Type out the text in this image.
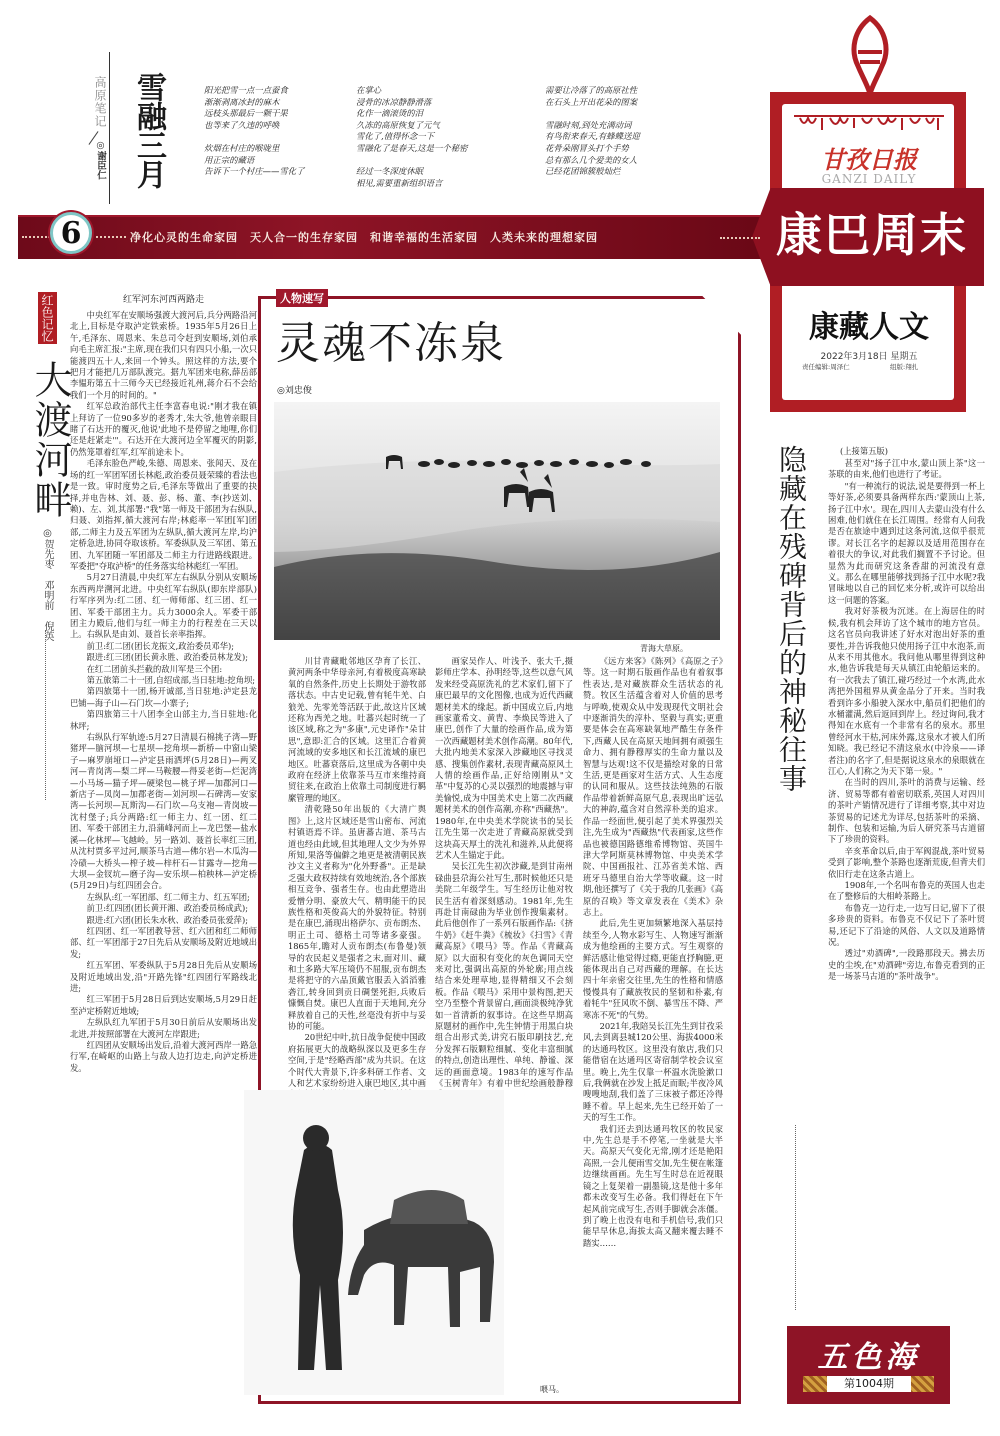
高原笔记
◎谢臣仁 雪融三月	阳光把雪一点一点蚕食
渐渐剥离冰封的麻木
远枝头那最后一颗干果
也等来了久违的呼唤
炊烟在村庄的喉咙里
用正宗的藏语
告诉下一个村庄——雪化了
在掌心
浸骨的冰凉静静滑落
化作一滴滚烫的泪
久冻的高原恢复了元气
雪化了,值得怀念一下
雪融化了是春天,这是一个秘密
经过一冬深度休眠
相见,需要重新组织语言
需要让冷落了的高原社性
在石头上开出花朵的图案
雪融时刻,到处充满动词
有鸟衔来春天,有蜂蝶送迎
花骨朵刚冒头打个手势
总有那么几个爱美的女人
已经花团锦簇般灿烂	甘孜日报
GANZI DAILY
康藏人文
2022年3月18日 星期五
责任编辑:周泽仁	组版:翔扎
6	净化心灵的生命家园　天人合一的生存家园　和谐幸福的生活家园　人类未来的理想家园	康巴周末
红色记忆
大渡河畔
◎贺先枣 邓明前 倪英
红军河东河西两路走

中央红军在安顺场强渡大渡河后,兵分两路沿河北上,目标是夺取泸定铁索桥。1935年5月26日上午,毛泽东、周恩来、朱总司令赶到安顺场,刘伯承向毛主席汇报:"主席,现在我们只有四只小船,一次只能渡四五十人,来回一个钟头。照这样的方法,要个把月才能把几万部队渡完。据九军团来电称,薛岳部李韫珩第五十三师今天已经接近礼州,蒋介石不会给我们一个月的时间的。"

红军总政治部代主任李富春电说:"刚才我在镇上拜访了一位90多岁的老秀才,朱大爷,他曾亲眼目睹了石达开的覆灭,他说'此地不是停留之地哩,你们还是赶紧走'"。石达开在大渡河边全军覆灭的阴影,仍然笼罩着红军,红军前途未卜。

毛泽东脸色严峻,朱德、周恩来、张闻天、及在场的红一军团军团长林彪,政治委员聂荣臻的看法也是一致。审时度势之后,毛泽东等做出了重要的抉择,并电告林、刘、聂、彭、杨、董、李(抄送刘、赖)、左、刘,其部署:"我"第一师及干部团为右纵队,归聂、刘指挥,循大渡河右岸;林彪率一军团[军]团部,二师主力及五军团为左纵队,循大渡河左岸,均沪定桥急进,协同夺取该桥。军委纵队及三军团、第五团、九军团随一军团部及二师主力行进路线跟进。军委把"夺取泸桥"的任务落实给林彪红一军团。

5月27日清晨,中央红军左右纵队分别从安顺场东西两岸溯河北进。中央红军右纵队(即东岸部队)行军序列为:红二团、红一师师部、红三团、红一团、军委干部团主力。兵力3000余人。军委干部团主力殿后,他们与红一师主力的行程差在三天以上。右纵队是由刘、聂首长亲率指挥。

前卫:红二团(团长龙振文,政治委员邓华);

跟进:红三团(团长黄永胜、政治委员林龙发);

在红二团前头拦截的敌川军是三个团:

第五旅第二十一团,自绍成部,当日驻地:挖角坝;

第四旅第十一团,杨开诚部,当日驻地:泸定县龙巴铺—海子山—石门坎—小寨子;

第四旅第三十八团李全山部主力,当日驻地:化林坪;

右纵队行军轨迹:5月27日清晨石棉挑子湾—野猪坪—脑河坝—七星坝—挖角坝—新桥—中窗山梁子—麻罗崩垭口—泸定县雨洒坪(5月28日)—两叉河—青岗湾—梨二坪—马鞍腰—得妥老街—烂泥湾—小马场—猫子坪—硬梁包—桃子坪—加郡河口—新店子—凤岗—加郡老街—刘河坝—石碑湾—安家湾—长河坝—瓦斯沟—石门坎—乌支袍—青岗坡—沈村堡子;兵分两路:红一师主力、红一团、红二团、军委干部团主力,沿蒲峰河而上—龙巴堡—盐水溪—化林坪—飞越岭。另一路刘、聂首长率红三团,从沈村贾多平过河,顺茶马古道—佛尔岩—木瓜沟—冷碛—大桥头—榨子坡—梓杆石—甘露寺—挖角—大坝—金钗坑—磨子沟—安乐坝—柏秧林—泸定桥(5月29日)与红四团会合。

左纵队:红一军团部、红二师主力、红五军团;

前卫:红四团(团长黄开湘、政治委员杨成武);

跟进:红六团(团长朱水秋、政治委员张爱萍);

红四团、红一军团教导营、红六团和红二师师部、红一军团部于27日先后从安顺场及附近地域出发;

红五军团、军委纵队于5月28日先后从安顺场及附近地域出发,沿"开路先锋"红四团行军路线北进;

红三军团于5月28日后到达安顺场,5月29日赶至泸定桥附近地域;

左纵队红九军团于5月30日前后从安顺场出发北进,并按照部署在大渡河左岸跟进;

红四团从安顺场出发后,沿着大渡河西岸一路急行军,在崎岖的山路上与敌人边打边走,向泸定桥进发。

人物速写
灵魂不冻泉
◎刘忠俊
青海大草原。

川甘青藏毗邻地区孕育了长江、黄河两条中华母亲河,有着极度高寒缺氧的自然条件,历史上长期处于游牧部落状态。中古史记载,曾有牦牛羌、白狼羌、先零羌等活跃于此,故这片区域还称为西羌之地。吐蕃兴起时统一了该区域,称之为"多康",元史译作"朵甘思",意即:汇合的区域。这里汇合着黄河流域的安多地区和长江流域的康巴地区。吐蕃衰落后,这里成为各朝中央政府在经济上依靠茶马互市来维持商贸往来,在政治上依靠土司制度进行羁縻管理的地区。

清乾隆50年出版的《大清广舆图》上,这片区域还是雪山密布、河流村镇语焉不详。虽唐蕃古道、茶马古道也经由此域,但其地理人文少为外界所知,果洛等偏僻之地更是被清朝民族沙文主义者称为"化外野番"。正是缺乏强大政权持续有效地统治,各个部族相互竞争、强者生存。也由此塑造出爱憎分明、豪放大气、精明能干的民族性格和英俊高大的外貌特征。特别是在康巴,涌现出格萨尔、贡布朗杰、明正土司、德格土司等诸多豪强。1865年,瞻对人贡布朗杰(布鲁曼)领导的农民起义是强者之末,面对川、藏和土多路大军压境仍不屈服,贡布朗杰是将把守的六品顶戴官服丢入滔滔雅砻江,转身回到贡日碉堡死拒,兵败后慷慨自焚。康巴人直面于天地间,充分释放着自己的天性,丝毫没有折中与妥协的可能。

20世纪中叶,抗日战争促使中国政府拓展更大的战略纵深以及更多生存空间,于是"经略西部"成为共识。在这个时代大背景下,许多科研工作者、文人和艺术家纷纷进入康巴地区,其中画

画家吴作人、叶浅予、张大千,摄影师庄学本、孙明经等,这些以意气风发来经受高原洗礼的艺术家们,留下了康巴最早的文化图像,也成为近代西藏题材美术的缘起。新中国成立后,内地画家董希文、黄胄、李焕民等进入了康巴,创作了大量的绘画作品,成为第一次西藏题材美术创作高潮。80年代,大批内地美术家深入涉藏地区寻找灵感、搜集创作素材,表现青藏高原风土人情的绘画作品,正好给刚刚从"文革"中复苏的心灵以强烈的地震撼与审美愉悦,成为中国美术史上第二次西藏题材美术的创作高潮,亦称"西藏热"。1980年,在中央美术学院读书的吴长江先生第一次走进了青藏高原就受到这块高天厚土的洗礼和滋养,从此便将艺术人生锚定于此。

吴长江先生初次涉藏,是到甘南州碌曲县尕海公社写生,那时候他还只是美院二年级学生。写生经历让他对牧民生活有着深刻感动。1981年,先生再赴甘南碌曲为毕业创作搜集素材。此后他创作了一系列石版画作品:《挤牛奶》《赶牛粪》《梳妆》《扫雪》《青藏高原》《喂马》等。作品《青藏高原》以大面积有变化的灰色调同天空来对比,强调出高原的外轮廓;用点线结合来处理草地,显得精细又不会刻板。作品《喂马》采用中景构图,把天空乃至整个背景留白,画面淡极纯净犹如一首清新的叙事诗。在这些早期高原题材的画作中,先生钟情于用黑白块组合出形式美,讲究石版印刷技艺,充分发挥石版颗粒细腻、变化丰富细腻的特点,创造出理性、单纯、静谧、深远的画面意境。1983年的速写作品《玉树青年》有着中世纪绘画般静穆

《远方来客》《陈列》《高原之子》等。这一时期石版画作品也有着叙事性表达,是对藏族群众生活状态的礼赞。牧区生活蕴含着对人价值的思考与呼唤,使观众从中发现现代文明社会中逐渐消失的淳朴、坚毅与真实;更重要是体会在高寒缺氧地严酷生存条件下,西藏人民在高原天地间拥有顽强生命力、拥有静穆厚实的生命力量以及智慧与达观!这不仅是描绘对象的日常生活,更是画家对生活方式、人生态度的认同和服从。这些技法纯熟的石版作品带着新鲜高原气息,表现出旷远弘大的神韵,蕴含对自然淳朴美的追求。作品一经面世,便引起了美术界强烈关注,先生成为"西藏热"代表画家,这些作品也被德国路德维希博物馆、英国牛津大学阿斯莫林博物馆、中央美术学院、中国画报社、江苏省美术馆、西班牙马德里自治大学等收藏。这一时期,他还撰写了《关于我的几张画》《高原的召唤》等文章发表在《美术》杂志上。

此后,先生更加频繁地深入基层持续至今,人物水彩写生、人物速写渐渐成为他绘画的主要方式。写生观察的鲜活感让他觉得过瘾,更能直抒胸臆,更能体现出自己对西藏的理解。在长达四十年亲密交往里,先生的性格和情感慢慢具有了藏族牧民的坚韧和朴素,有着牦牛"狂风吹不倒、暴雪压不降、严寒冻不死"的气势。

2021年,我陪吴长江先生到甘孜采风,去到离县城120公里、海拔4000米的达通玛牧区。这里没有旅店,我们只能借宿在达通玛区寄宿制学校会议室里。晚上,先生仅靠一杯温水洗脸漱口后,我俩就在沙发上抵足而眠;半夜冷风嗖嗖地刮,我们盖了三床被子都还冷得睡不着。早上起来,先生已经开始了一天的写生工作。

我们还去到达通玛牧区的牧民家中,先生总是手不停笔,一坐就是大半天。高原天气变化无常,刚才还是艳阳高照,一会儿便雨雪交加,先生便在帐篷边继续画画。先生写生时总在近视眼镜之上复架着一副墨镜,这是他十多年都未改变写生必备。我们得赶在下午起风前完成写生,否则手脚就会冻僵。到了晚上也没有电和手机信号,我们只能早早休息,海拔太高又翻来覆去睡不踏实……

喂马。
隐藏在残碑背后的神秘往事	(上接第五版)

甚至对"扬子江中水,蒙山顶上茶"这一茶联的由来,他们也进行了考证。

"有一种流行的说法,说是要得到一杯上等好茶,必须要具备两样东西:'蒙顶山上茶,扬子江中水'。现在,四川人去蒙山没有什么困难,他们就住在长江周围。经常有人问我是否在旅途中遇到过这条河流,这似乎很荒谬。对长江名字的起源以及适用范围存在着很大的争议,对此我们搁置不予讨论。但显然为此而研究这条香甜的河流没有意义。那么在哪里能够找到扬子江中水呢?我冒昧地以自己的回忆来分析,或许可以给出这一问题的答案。

我对好茶极为沉迷。在上海居住的时候,我有机会拜访了这个城市的地方官员。这名官员向我讲述了好水对泡出好茶的重要性,并告诉我他只使用扬子江中水泡茶,而从来不用其他水。我问他从哪里得到这种水,他告诉我是每天从镇江由轮船运来的。有一次我去了镇江,碰巧经过一个水湾,此水湾把外国租界从黄金品分了开来。当时我看到许多小船驶入深水中,船员们把他们的水桶灌满,然后返回到岸上。经过询问,我才得知在水底有一个非常有名的泉水。那里曾经河水干枯,河床外露,这泉水才被人们所知晓。我已经记不清这泉水(中泠泉——译者注)的名字了,但是据说这泉水的泉眼就在江心,人们称之为天下第一泉。"

在当时的四川,茶叶的消费与运输、经济、贸易等都有着密切联系,英国人对四川的茶叶产销情况进行了详细考察,其中对边茶贸易的记述尤为详尽,包括茶叶的采摘、制作、包装和运输,为后人研究茶马古道留下了珍贵的资料。

辛亥革命以后,由于军阀混战,茶叶贸易受到了影响,整个茶路也逐渐荒废,但背夫们依旧行走在这条古道上。

1908年,一个名叫布鲁克的英国人也走在了整修后的大相岭茶路上。

布鲁克一边行走,一边写日记,留下了很多珍贵的资料。布鲁克不仅记下了茶叶贸易,还记下了沿途的风俗、人文以及道路情况。

透过"劝酒碑",一段路那段天。拂去历史的尘埃,在"劝酒碑"旁边,布鲁克看到的正是一场茶马古道的"茶叶战争"。

五色海
第1004期
